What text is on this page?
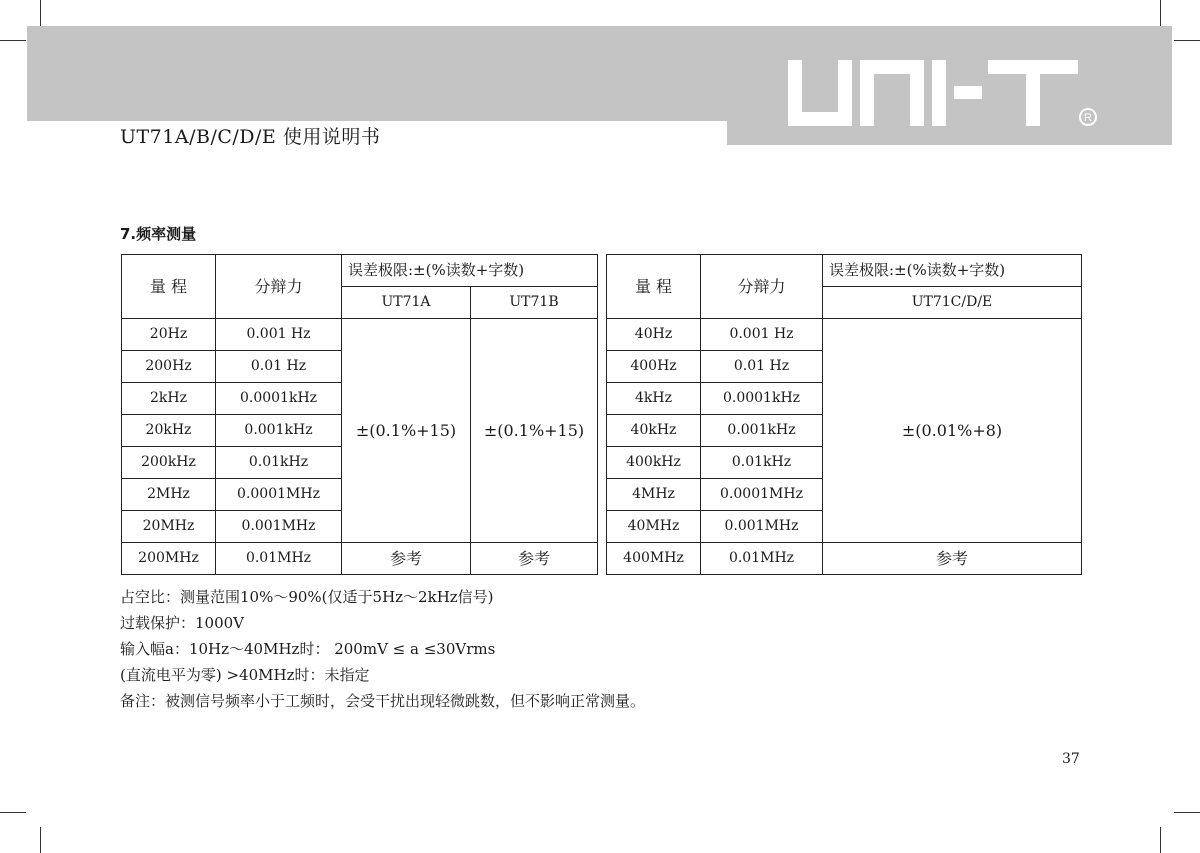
R
UT71A/B/C/D/E 使用说明书
7.频率测量
量 程	分辩力	误差极限:±(%读数+字数)			量 程	分辩力	误差极限:±(%读数+字数)
		UT71A	UT71B				UT71C/D/E
20Hz	0.001 Hz	±(0.1%+15)	±(0.1%+15)		40Hz	0.001 Hz	±(0.01%+8)
200Hz	0.01 Hz				400Hz	0.01 Hz	
2kHz	0.0001kHz				4kHz	0.0001kHz	
20kHz	0.001kHz				40kHz	0.001kHz	
200kHz	0.01kHz				400kHz	0.01kHz	
2MHz	0.0001MHz				4MHz	0.0001MHz	
20MHz	0.001MHz				40MHz	0.001MHz	
200MHz	0.01MHz	参考	参考		400MHz	0.01MHz	参考
占空比：测量范围10%～90%(仅适于5Hz～2kHz信号)
过载保护：1000V
输入幅a：10Hz～40MHz时： 200mV ≤ a ≤30Vrms
(直流电平为零) >40MHz时：未指定
备注：被测信号频率小于工频时，会受干扰出现轻微跳数，但不影响正常测量。
37
